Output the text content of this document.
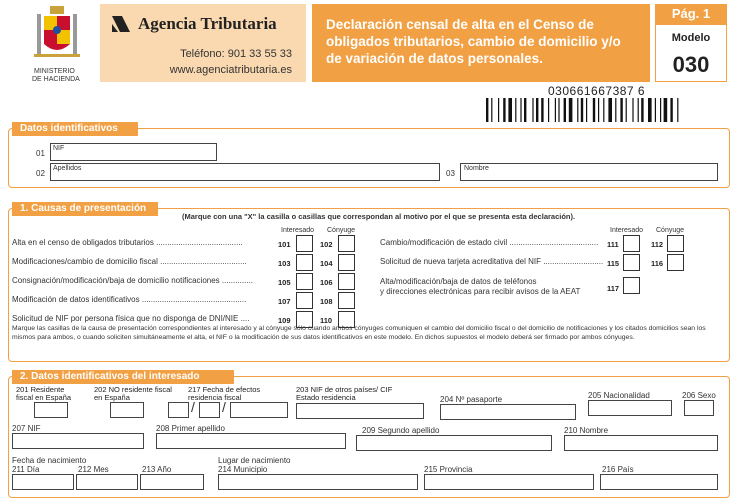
MINISTERIO
DE HACIENDA
Agencia Tributaria
Teléfono: 901 33 55 33
www.agenciatributaria.es
Declaración censal de alta en el Censo de obligados tributarios, cambio de domicilio y/o de variación de datos personales.
Pág. 1
Modelo
030
030661667387 6
Datos identificativos
01
NIF
02
Apellidos
03
Nombre
1. Causas de presentación
(Marque con una "X" la casilla o casillas que correspondan al motivo por el que se presenta esta declaración).
Interesado Cónyuge	Interesado Cónyuge
Alta en el censo de obligados tributarios .......................................	101	102
Modificaciones/cambio de domicilio fiscal .......................................	103	104
Consignación/modificación/baja de domicilio notificaciones ..............	105	106
Modificación de datos identificativos ...............................................	107	108
Solicitud de NIF por persona física que no disponga de DNI/NIE ....	109	110
Cambio/modificación de estado civil ........................................	111	112
Solicitud de nueva tarjeta acreditativa del NIF ........................... 115	116
Alta/modificación/baja de datos de teléfonos
y direcciones electrónicas para recibir avisos de la AEAT	117
Marque las casillas de la causa de presentación correspondientes al interesado y al cónyuge sólo cuando ambos cónyuges comuniquen el cambio del domicilio fiscal o del domicilio de notificaciones y los citados domicilios sean los mismos para ambos, o cuando soliciten simultáneamente el alta, el NIF o la modificación de sus datos identificativos en este modelo. En dichos supuestos el modelo deberá ser firmado por ambos cónyuges.
2. Datos identificativos del interesado
201 Residente fiscal en España
202 NO residente fiscal en España
217 Fecha de efectos residencia fiscal
/ /
203 NIF de otros países/ CIF Estado residencia	204 Nº pasaporte	205 Nacionalidad	206 Sexo
207 NIF	208 Primer apellido	209 Segundo apellido	210 Nombre
Fecha de nacimiento
211 Día	212 Mes	213 Año
Lugar de nacimiento
214 Municipio	215 Provincia	216 País
